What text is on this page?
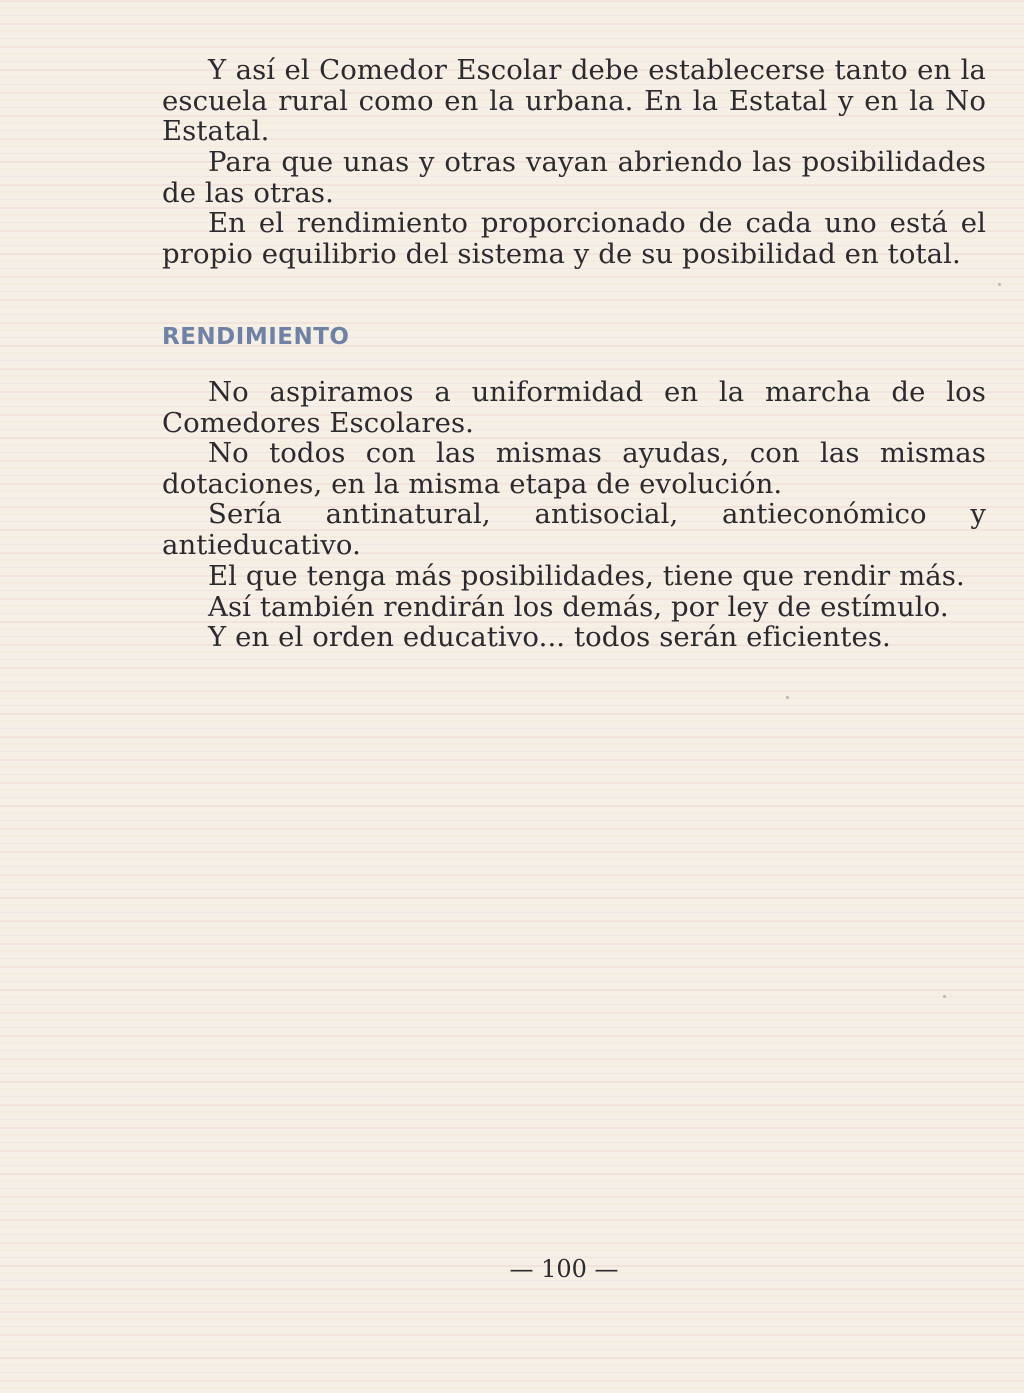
Y así el Comedor Escolar debe establecerse tanto en la escuela rural como en la urbana. En la Estatal y en la No Estatal.

Para que unas y otras vayan abriendo las posibilidades de las otras.

En el rendimiento proporcionado de cada uno está el propio equilibrio del sistema y de su posibilidad en total.

RENDIMIENTO

No aspiramos a uniformidad en la marcha de los Comedores Escolares.

No todos con las mismas ayudas, con las mismas dotaciones, en la misma etapa de evolución.

Sería antinatural, antisocial, antieconómico y antieducativo.

El que tenga más posibilidades, tiene que rendir más.

Así también rendirán los demás, por ley de estímulo.

Y en el orden educativo... todos serán eficientes.

— 100 —
